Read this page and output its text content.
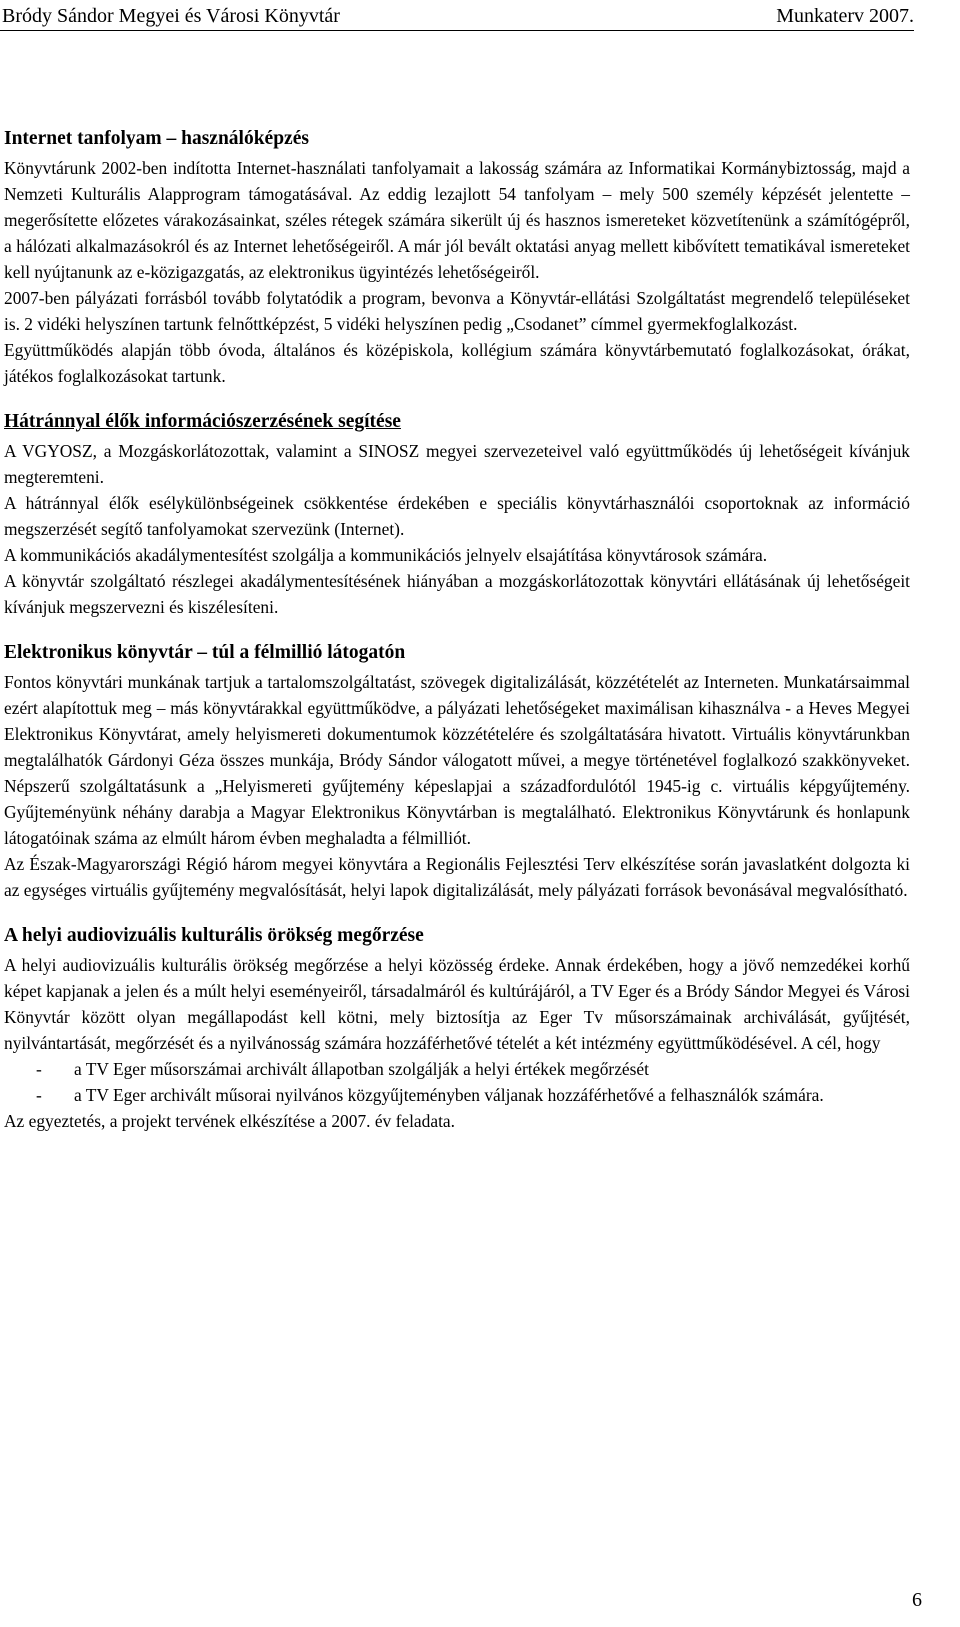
Bródy Sándor Megyei és Városi Könyvtár	Munkaterv 2007.
Internet tanfolyam – használóképzés

Könyvtárunk 2002-ben indította Internet-használati tanfolyamait a lakosság számára az Informatikai Kormánybiztosság, majd a Nemzeti Kulturális Alapprogram támogatásával. Az eddig lezajlott 54 tanfolyam – mely 500 személy képzését jelentette – megerősítette előzetes várakozásainkat, széles rétegek számára sikerült új és hasznos ismereteket közvetítenünk a számítógépről, a hálózati alkalmazásokról és az Internet lehetőségeiről. A már jól bevált oktatási anyag mellett kibővített tematikával ismereteket kell nyújtanunk az e-közigazgatás, az elektronikus ügyintézés lehetőségeiről.

2007-ben pályázati forrásból tovább folytatódik a program, bevonva a Könyvtár-ellátási Szolgáltatást megrendelő településeket is. 2 vidéki helyszínen tartunk felnőttképzést, 5 vidéki helyszínen pedig „Csodanet” címmel gyermekfoglalkozást.

Együttműködés alapján több óvoda, általános és középiskola, kollégium számára könyvtárbemutató foglalkozásokat, órákat, játékos foglalkozásokat tartunk.

Hátránnyal élők információszerzésének segítése

A VGYOSZ, a Mozgáskorlátozottak, valamint a SINOSZ megyei szervezeteivel való együttműködés új lehetőségeit kívánjuk megteremteni.

A hátránnyal élők esélykülönbségeinek csökkentése érdekében e speciális könyvtárhasználói csoportoknak az információ megszerzését segítő tanfolyamokat szervezünk (Internet).

A kommunikációs akadálymentesítést szolgálja a kommunikációs jelnyelv elsajátítása könyvtárosok számára.

A könyvtár szolgáltató részlegei akadálymentesítésének hiányában a mozgáskorlátozottak könyvtári ellátásának új lehetőségeit kívánjuk megszervezni és kiszélesíteni.

Elektronikus könyvtár – túl a félmillió látogatón

Fontos könyvtári munkának tartjuk a tartalomszolgáltatást, szövegek digitalizálását, közzétételét az Interneten. Munkatársaimmal ezért alapítottuk meg – más könyvtárakkal együttműködve, a pályázati lehetőségeket maximálisan kihasználva - a Heves Megyei Elektronikus Könyvtárat, amely helyismereti dokumentumok közzétételére és szolgáltatására hivatott. Virtuális könyvtárunkban megtalálhatók Gárdonyi Géza összes munkája, Bródy Sándor válogatott művei, a megye történetével foglalkozó szakkönyveket. Népszerű szolgáltatásunk a „Helyismereti gyűjtemény képeslapjai a századfordulótól 1945-ig c. virtuális képgyűjtemény. Gyűjteményünk néhány darabja a Magyar Elektronikus Könyvtárban is megtalálható. Elektronikus Könyvtárunk és honlapunk látogatóinak száma az elmúlt három évben meghaladta a félmilliót.

Az Észak-Magyarországi Régió három megyei könyvtára a Regionális Fejlesztési Terv elkészítése során javaslatként dolgozta ki az egységes virtuális gyűjtemény megvalósítását, helyi lapok digitalizálását, mely pályázati források bevonásával megvalósítható.

A helyi audiovizuális kulturális örökség megőrzése

A helyi audiovizuális kulturális örökség megőrzése a helyi közösség érdeke. Annak érdekében, hogy a jövő nemzedékei korhű képet kapjanak a jelen és a múlt helyi eseményeiről, társadalmáról és kultúrájáról, a TV Eger és a Bródy Sándor Megyei és Városi Könyvtár között olyan megállapodást kell kötni, mely biztosítja az Eger Tv műsorszámainak archiválását, gyűjtését, nyilvántartását, megőrzését és a nyilvánosság számára hozzáférhetővé tételét a két intézmény együttműködésével. A cél, hogy

- a TV Eger műsorszámai archivált állapotban szolgálják a helyi értékek megőrzését
- a TV Eger archivált műsorai nyilvános közgyűjteményben váljanak hozzáférhetővé a felhasználók számára.

Az egyeztetés, a projekt tervének elkészítése a 2007. év feladata.

6
